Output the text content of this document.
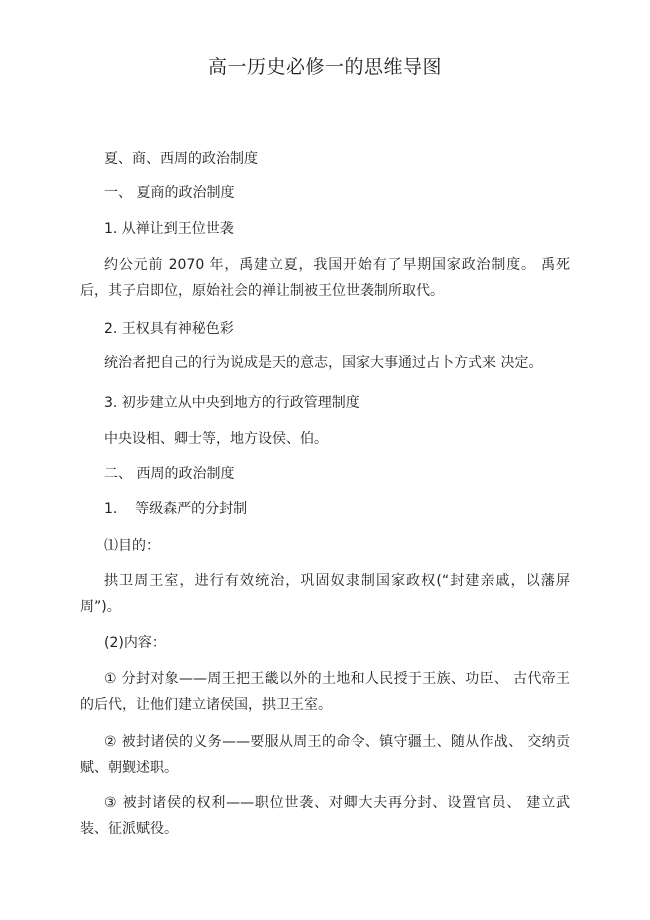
高一历史必修一的思维导图
夏、商、西周的政治制度
一、 夏商的政治制度
1. 从禅让到王位世袭
约公元前 2070 年，禹建立夏，我国开始有了早期国家政治制度。 禹死后，其子启即位，原始社会的禅让制被王位世袭制所取代。
2. 王权具有神秘色彩
统治者把自己的行为说成是天的意志，国家大事通过占卜方式来 决定。
3. 初步建立从中央到地方的行政管理制度
中央设相、卿士等，地方设侯、伯。
二、 西周的政治制度
1.    等级森严的分封制
⑴目的：
拱卫周王室，进行有效统治，巩固奴隶制国家政权(“封建亲戚，以藩屏周”)。
(2)内容：
① 分封对象——周王把王畿以外的土地和人民授于王族、功臣、 古代帝王的后代，让他们建立诸侯国，拱卫王室。
② 被封诸侯的义务——要服从周王的命令、镇守疆土、随从作战、 交纳贡赋、朝觐述职。
③ 被封诸侯的权利——职位世袭、对卿大夫再分封、设置官员、 建立武装、征派赋役。
